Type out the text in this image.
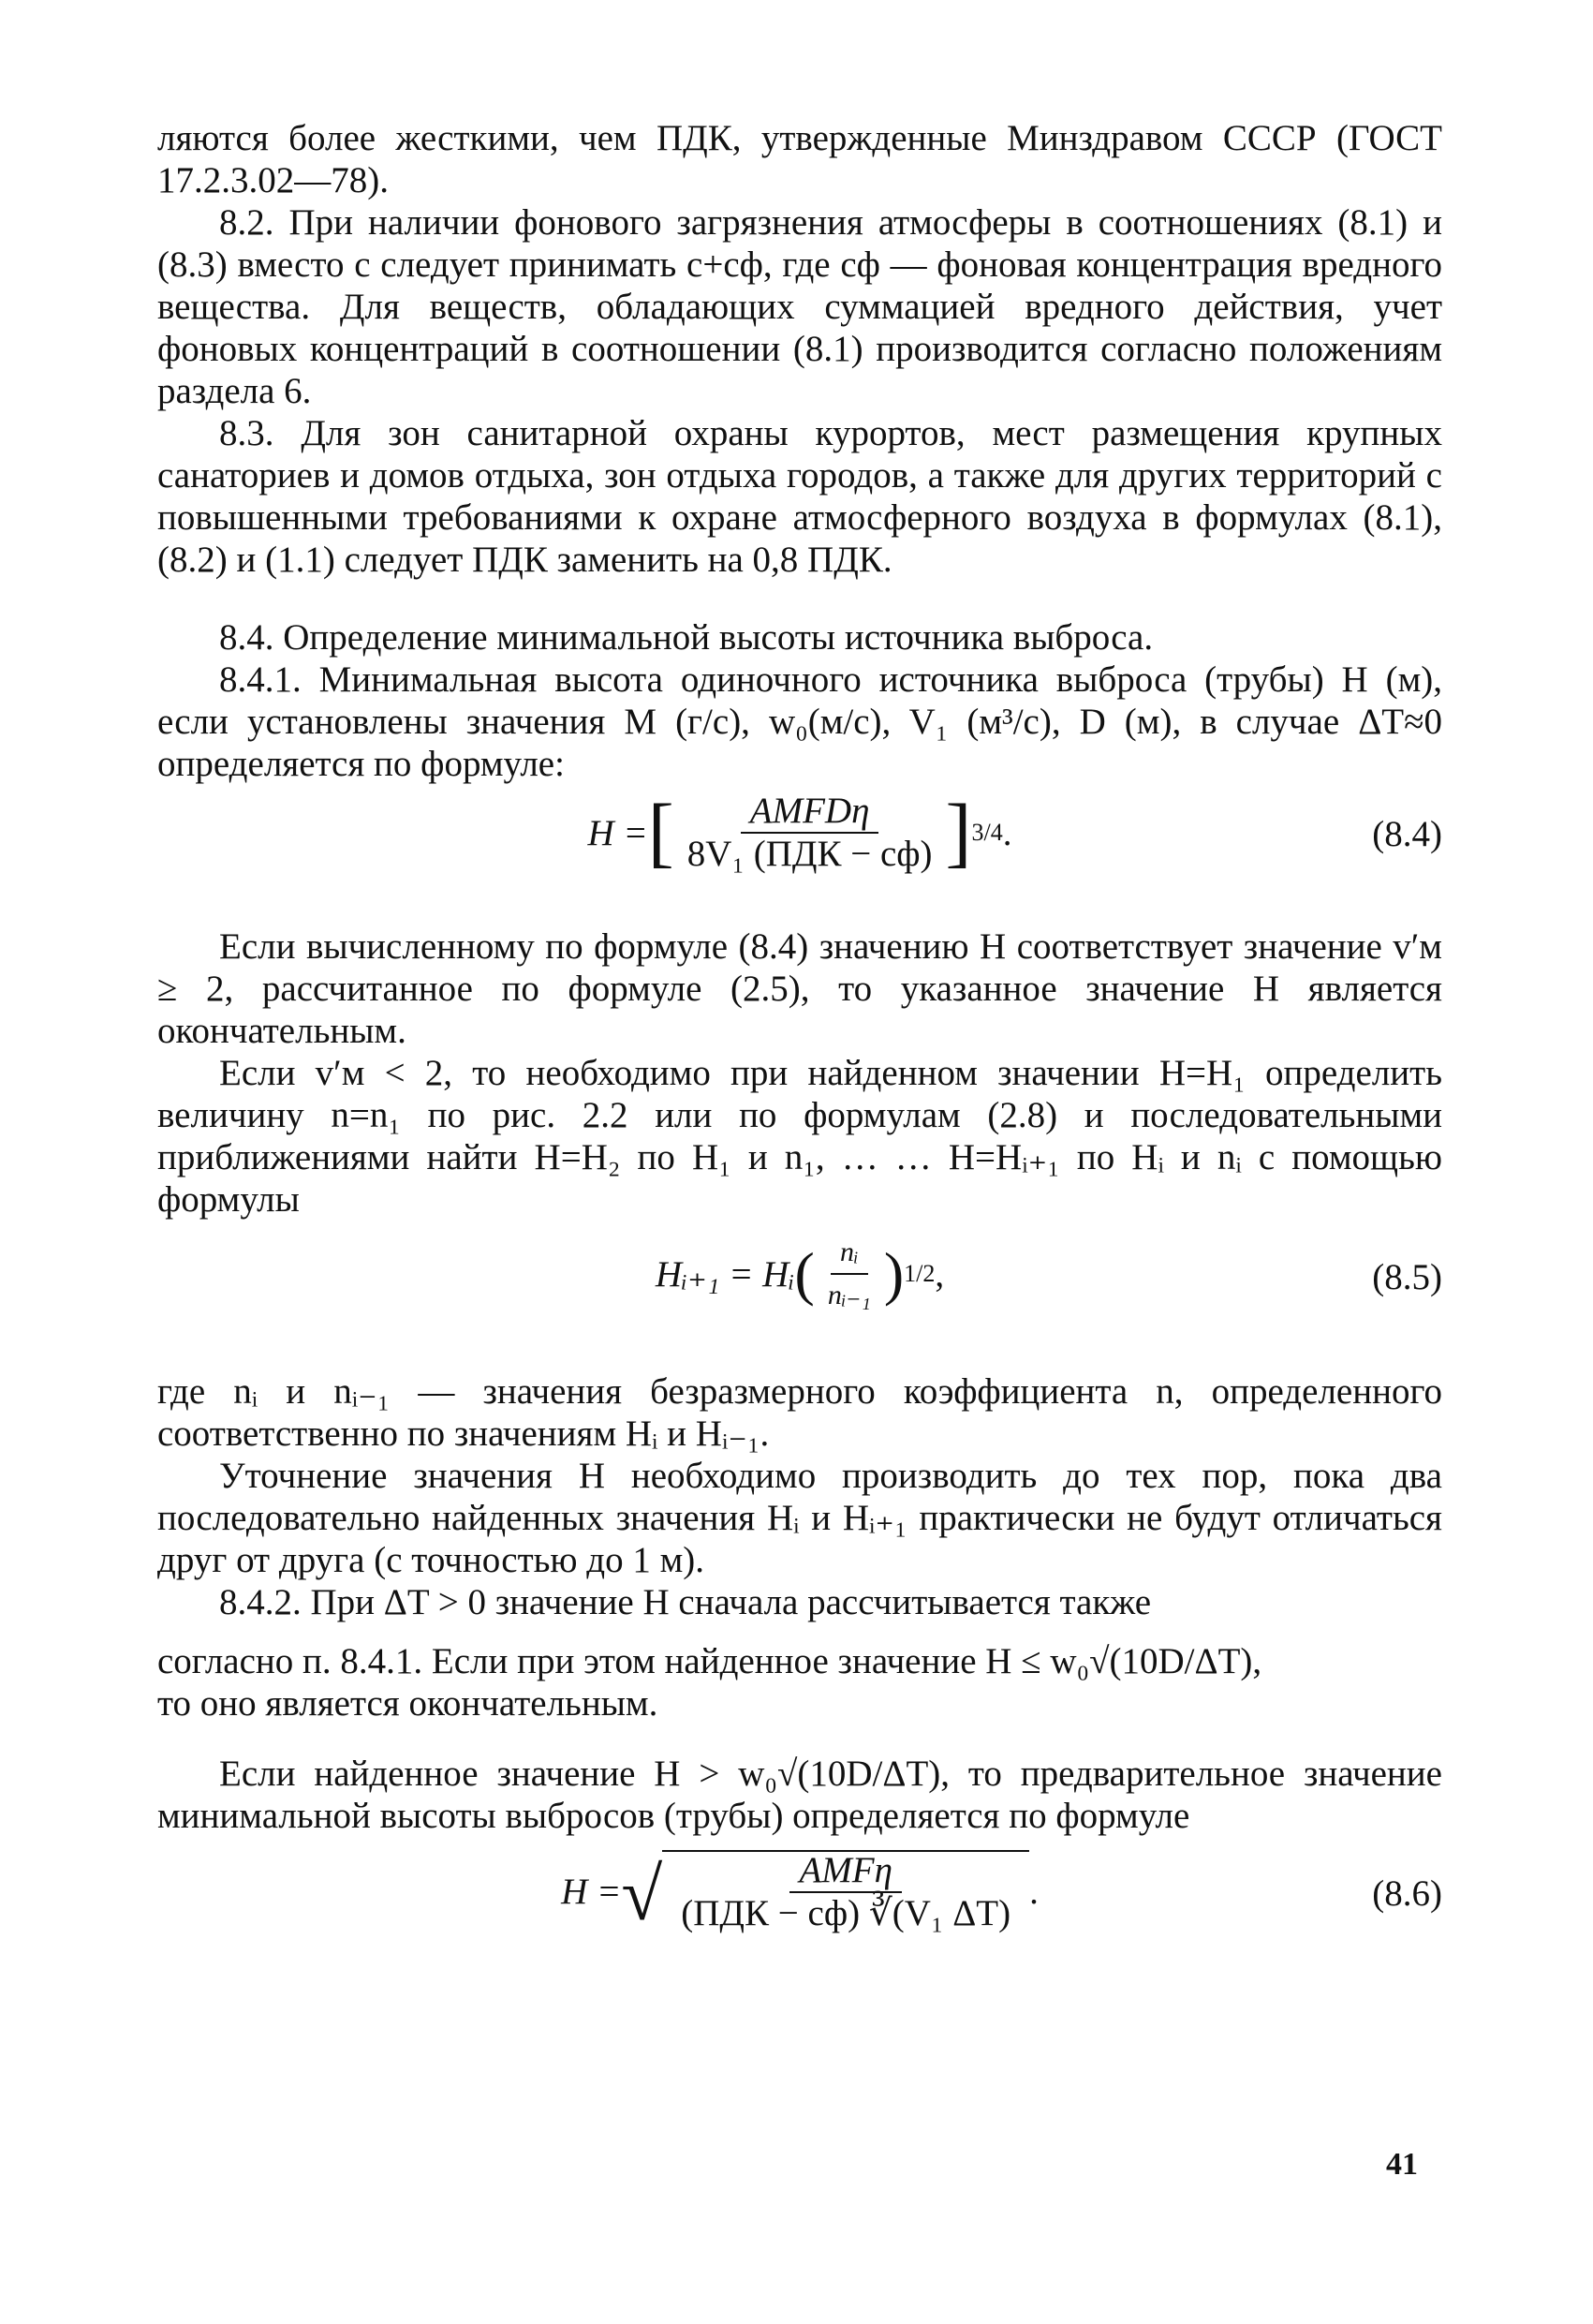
ляются более жесткими, чем ПДК, утвержденные Минздравом СССР (ГОСТ 17.2.3.02—78).

8.2. При наличии фонового загрязнения атмосферы в соотношениях (8.1) и (8.3) вместо c следует принимать c+cф, где cф — фоновая концентрация вредного вещества. Для веществ, обладающих суммацией вредного действия, учет фоновых концентраций в соотношении (8.1) производится согласно положениям раздела 6.

8.3. Для зон санитарной охраны курортов, мест размещения крупных санаториев и домов отдыха, зон отдыха городов, а также для других территорий с повышенными требованиями к охране атмосферного воздуха в формулах (8.1), (8.2) и (1.1) следует ПДК заменить на 0,8 ПДК.

8.4. Определение минимальной высоты источника выброса.

8.4.1. Минимальная высота одиночного источника выброса (трубы) H (м), если установлены значения M (г/с), w₀(м/с), V₁ (м³/с), D (м), в случае ΔT≈0 определяется по формуле:

H = [ $\frac{\text{AMFDη}}{\text{8V₁ (ПДК − cф)}}$ ] 3/4 .	(8.4)

Если вычисленному по формуле (8.4) значению H соответствует значение v′м ≥ 2, рассчитанное по формуле (2.5), то указанное значение H является окончательным.

Если v′м < 2, то необходимо при найденном значении H=H₁ определить величину n=n₁ по рис. 2.2 или по формулам (2.8) и последовательными приближениями найти H=H₂ по H₁ и n₁, … … H=Hᵢ₊₁ по Hᵢ и nᵢ с помощью формулы

Hᵢ₊₁ = Hᵢ ( $\frac{\text{nᵢ}}{\text{nᵢ₋₁}}$ ) 1/2 ,	(8.5)

где nᵢ и nᵢ₋₁ — значения безразмерного коэффициента n, определенного соответственно по значениям Hᵢ и Hᵢ₋₁.

Уточнение значения H необходимо производить до тех пор, пока два последовательно найденных значения Hᵢ и Hᵢ₊₁ практически не будут отличаться друг от друга (с точностью до 1 м).

8.4.2. При ΔT > 0 значение H сначала рассчитывается также

согласно п. 8.4.1. Если при этом найденное значение H ≤ w₀√(10D/ΔT),

то оно является окончательным.

Если найденное значение H > w₀√(10D/ΔT), то предварительное значение минимальной высоты выбросов (трубы) определяется по формуле

H = √ $\frac{\text{AMFη}}{\text{(ПДК − cф) ∛(V₁ ΔT)}}$ .	(8.6)
41
